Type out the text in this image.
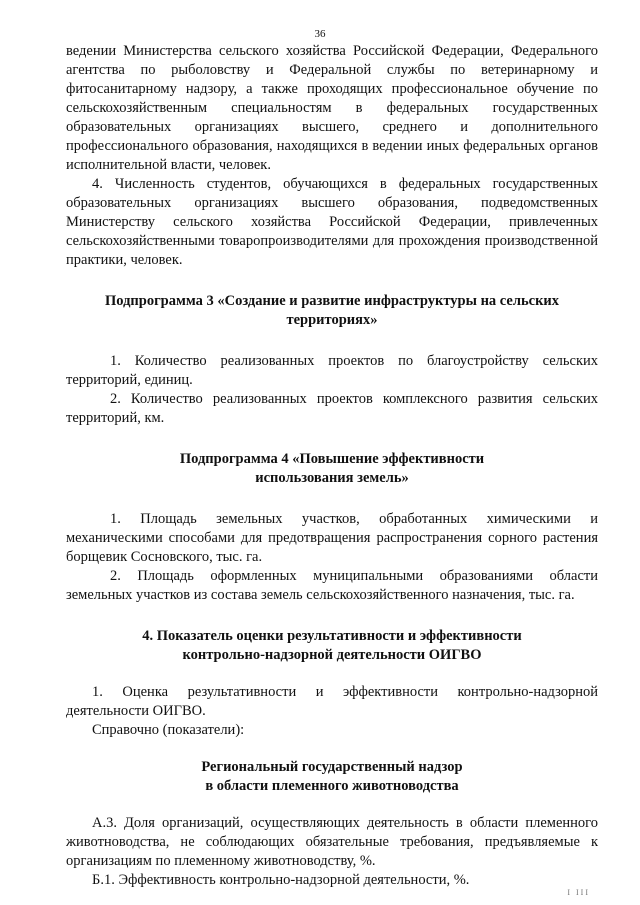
36

ведении Министерства сельского хозяйства Российской Федерации, Федерального агентства по рыболовству и Федеральной службы по ветеринарному и фитосанитарному надзору, а также проходящих профессиональное обучение по сельскохозяйственным специальностям в федеральных государственных образовательных организациях высшего, среднего и дополнительного профессионального образования, находящихся в ведении иных федеральных органов исполнительной власти, человек.

4. Численность студентов, обучающихся в федеральных государственных образовательных организациях высшего образования, подведомственных Министерству сельского хозяйства Российской Федерации, привлеченных сельскохозяйственными товаропроизводителями для прохождения производственной практики, человек.

Подпрограмма 3 «Создание и развитие инфраструктуры на сельских
территориях»

1. Количество реализованных проектов по благоустройству сельских территорий, единиц.

2. Количество реализованных проектов комплексного развития сельских территорий, км.

Подпрограмма 4 «Повышение эффективности
использования земель»

1. Площадь земельных участков, обработанных химическими и механическими способами для предотвращения распространения сорного растения борщевик Сосновского, тыс. га.

2. Площадь оформленных муниципальными образованиями области земельных участков из состава земель сельскохозяйственного назначения, тыс. га.

4. Показатель оценки результативности и эффективности
контрольно-надзорной деятельности ОИГВО

1. Оценка результативности и эффективности контрольно-надзорной деятельности ОИГВО.

Справочно (показатели):

Региональный государственный надзор
в области племенного животноводства

А.3. Доля организаций, осуществляющих деятельность в области племенного животноводства, не соблюдающих обязательные требования, предъявляемые к организациям по племенному животноводству, %.

Б.1. Эффективность контрольно-надзорной деятельности, %.

I III
